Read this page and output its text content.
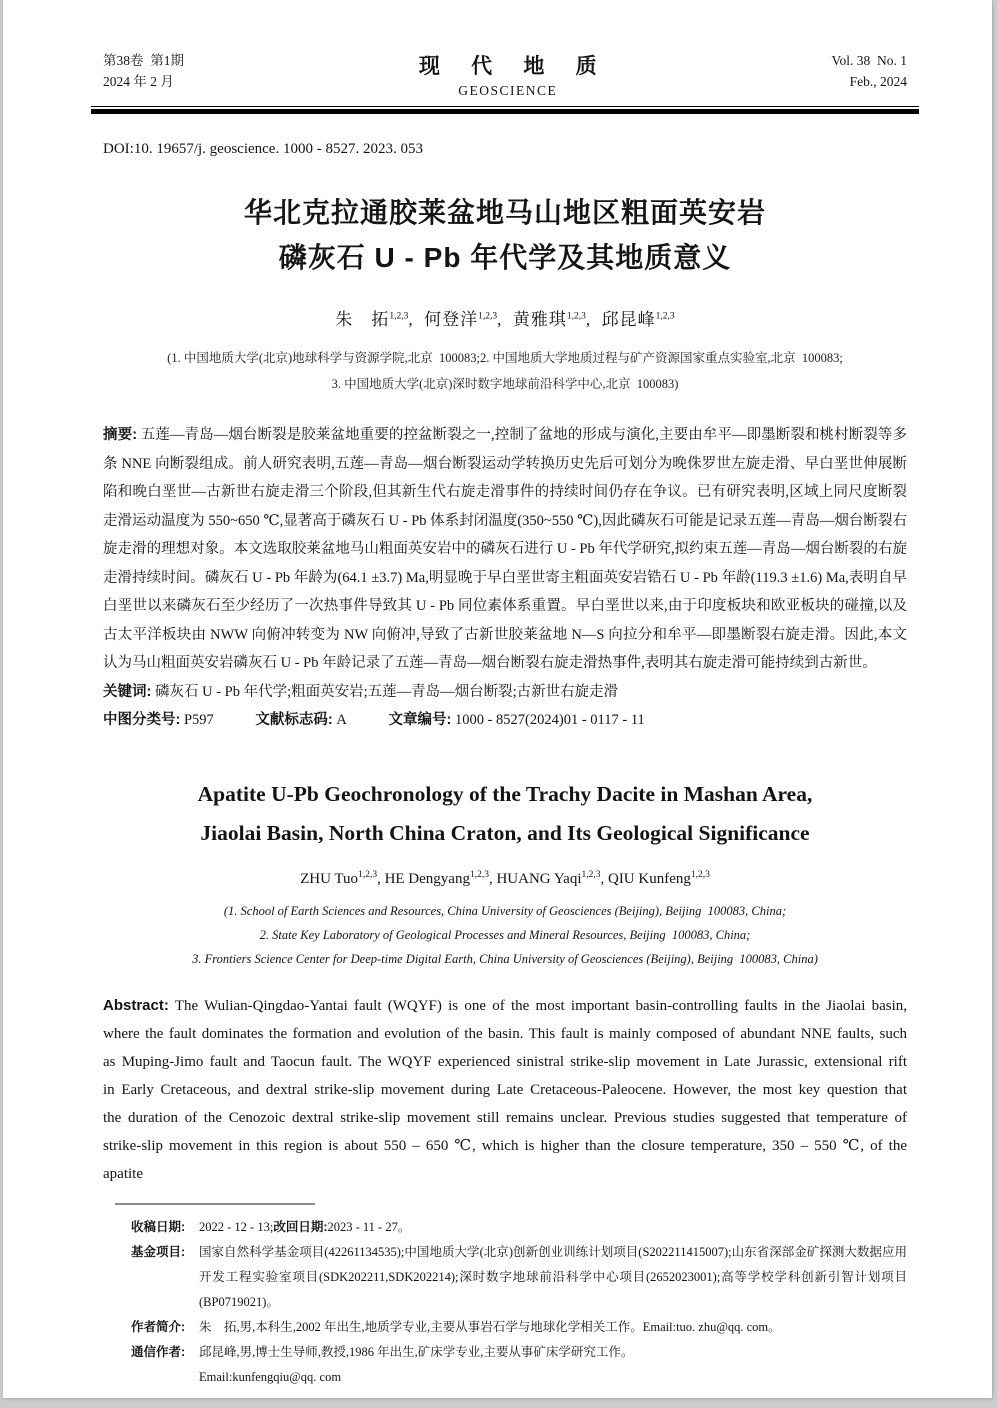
第38卷  第1期
2024 年 2 月
现 代 地 质
GEOSCIENCE
Vol. 38  No. 1
Feb., 2024
DOI:10. 19657/j. geoscience. 1000 - 8527. 2023. 053
华北克拉通胶莱盆地马山地区粗面英安岩
磷灰石 U - Pb 年代学及其地质意义
朱　拓$^{1,2,3}$,  何登洋$^{1,2,3}$,  黄雅琪$^{1,2,3}$,  邱昆峰$^{1,2,3}$
(1. 中国地质大学(北京)地球科学与资源学院,北京  100083;2. 中国地质大学地质过程与矿产资源国家重点实验室,北京  100083;
3. 中国地质大学(北京)深时数字地球前沿科学中心,北京  100083)
摘要: 五莲—青岛—烟台断裂是胶莱盆地重要的控盆断裂之一,控制了盆地的形成与演化,主要由牟平—即墨断裂和桃村断裂等多条 NNE 向断裂组成。前人研究表明,五莲—青岛—烟台断裂运动学转换历史先后可划分为晚侏罗世左旋走滑、早白垩世伸展断陷和晚白垩世—古新世右旋走滑三个阶段,但其新生代右旋走滑事件的持续时间仍存在争议。已有研究表明,区域上同尺度断裂走滑运动温度为 550~650 ℃,显著高于磷灰石 U - Pb 体系封闭温度(350~550 ℃),因此磷灰石可能是记录五莲—青岛—烟台断裂右旋走滑的理想对象。本文选取胶莱盆地马山粗面英安岩中的磷灰石进行 U - Pb 年代学研究,拟约束五莲—青岛—烟台断裂的右旋走滑持续时间。磷灰石 U - Pb 年龄为(64.1 ±3.7) Ma,明显晚于早白垩世寄主粗面英安岩锆石 U - Pb 年龄(119.3 ±1.6) Ma,表明自早白垩世以来磷灰石至少经历了一次热事件导致其 U - Pb 同位素体系重置。早白垩世以来,由于印度板块和欧亚板块的碰撞,以及古太平洋板块由 NWW 向俯冲转变为 NW 向俯冲,导致了古新世胶莱盆地 N—S 向拉分和牟平—即墨断裂右旋走滑。因此,本文认为马山粗面英安岩磷灰石 U - Pb 年龄记录了五莲—青岛—烟台断裂右旋走滑热事件,表明其右旋走滑可能持续到古新世。
关键词: 磷灰石 U - Pb 年代学;粗面英安岩;五莲—青岛—烟台断裂;古新世右旋走滑
中图分类号: P597	文献标志码: A	文章编号: 1000 - 8527(2024)01 - 0117 - 11
Apatite U-Pb Geochronology of the Trachy Dacite in Mashan Area,
Jiaolai Basin, North China Craton, and Its Geological Significance
ZHU Tuo$^{1,2,3}$, HE Dengyang$^{1,2,3}$, HUANG Yaqi$^{1,2,3}$, QIU Kunfeng$^{1,2,3}$
(1. School of Earth Sciences and Resources, China University of Geosciences (Beijing), Beijing  100083, China;
2. State Key Laboratory of Geological Processes and Mineral Resources, Beijing  100083, China;
3. Frontiers Science Center for Deep-time Digital Earth, China University of Geosciences (Beijing), Beijing  100083, China)
Abstract: The Wulian-Qingdao-Yantai fault (WQYF) is one of the most important basin-controlling faults in the Jiaolai basin, where the fault dominates the formation and evolution of the basin. This fault is mainly composed of abundant NNE faults, such as Muping-Jimo fault and Taocun fault. The WQYF experienced sinistral strike-slip movement in Late Jurassic, extensional rift in Early Cretaceous, and dextral strike-slip movement during Late Cretaceous-Paleocene. However, the most key question that the duration of the Cenozoic dextral strike-slip movement still remains unclear. Previous studies suggested that temperature of strike-slip movement in this region is about 550 – 650 ℃, which is higher than the closure temperature, 350 – 550 ℃, of the apatite
收稿日期:	2022 - 12 - 13;改回日期:2023 - 11 - 27。
基金项目:	国家自然科学基金项目(42261134535);中国地质大学(北京)创新创业训练计划项目(S202211415007);山东省深部金矿探测大数据应用开发工程实验室项目(SDK202211,SDK202214);深时数字地球前沿科学中心项目(2652023001);高等学校学科创新引智计划项目(BP0719021)。
作者简介:	朱　拓,男,本科生,2002 年出生,地质学专业,主要从事岩石学与地球化学相关工作。Email:tuo. zhu@qq. com。
通信作者:	邱昆峰,男,博士生导师,教授,1986 年出生,矿床学专业,主要从事矿床学研究工作。
Email:kunfengqiu@qq. com
